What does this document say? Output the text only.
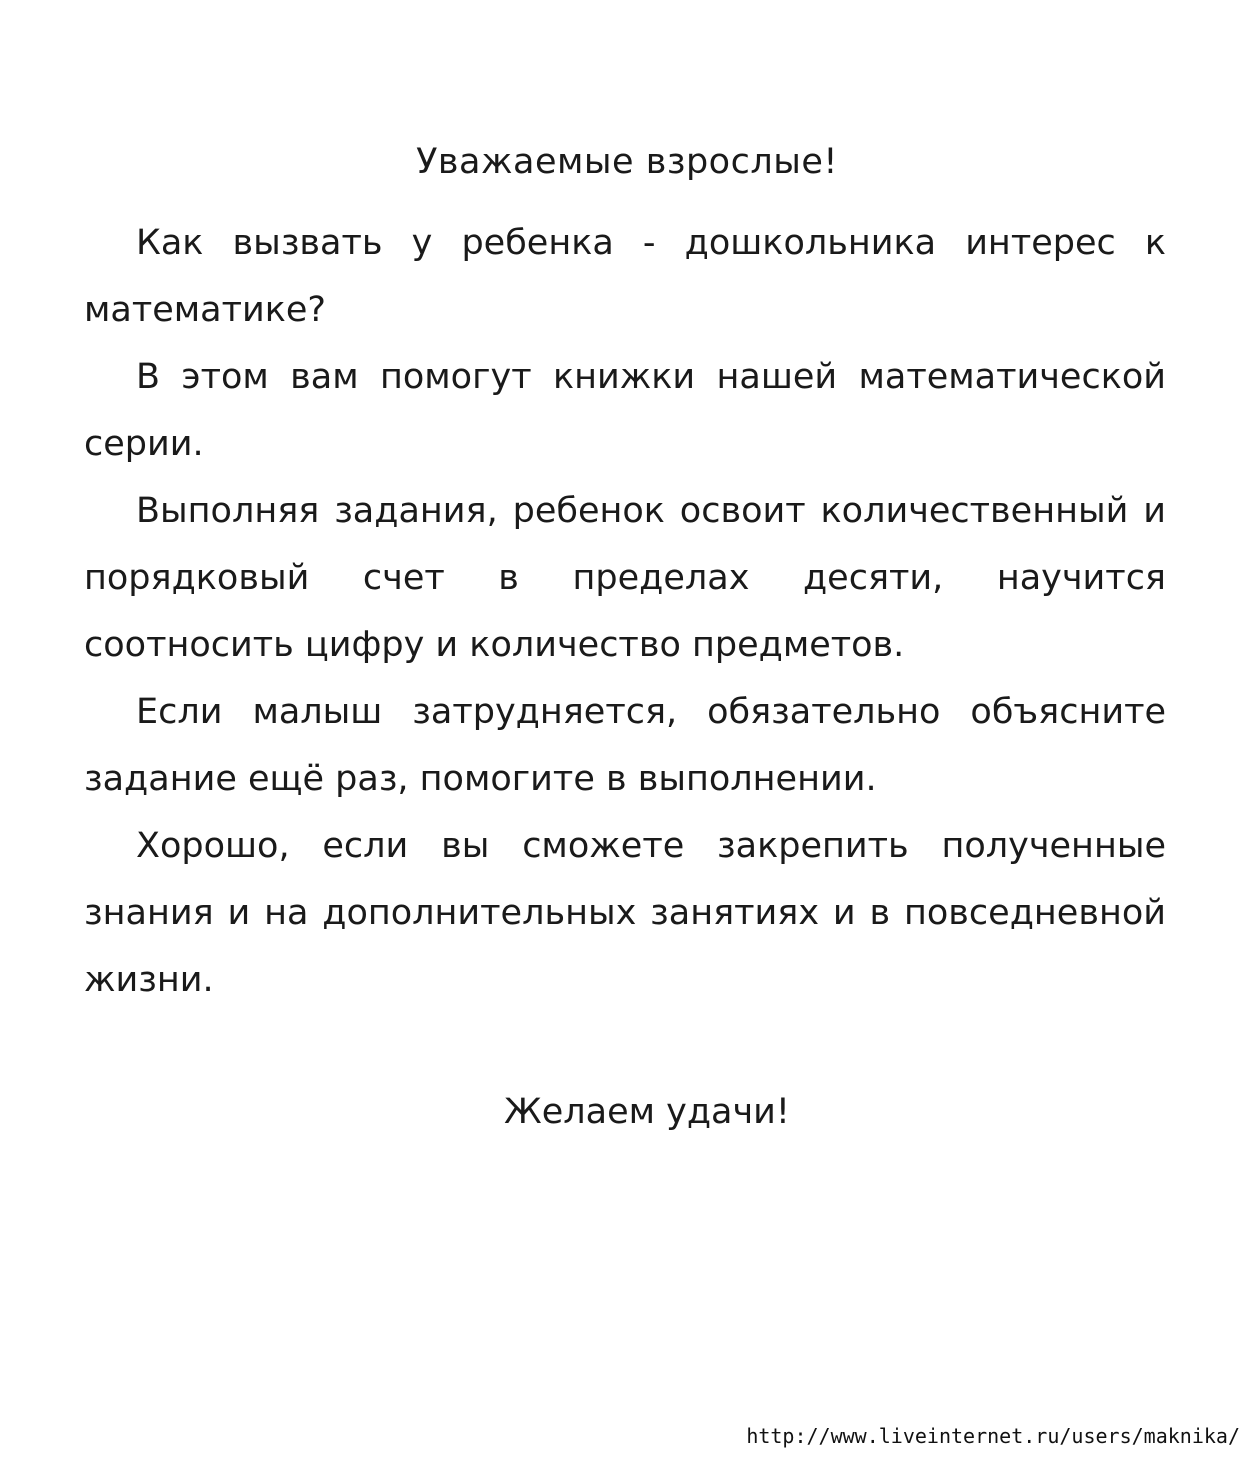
Уважаемые взрослые!

Как вызвать у ребенка - дошкольника интерес к математике?

В этом вам помогут книжки нашей математической серии.

Выполняя задания, ребенок освоит количественный и порядковый счет в пределах десяти, научится соотносить цифру и количество предметов.

Если малыш затрудняется, обязательно объясните задание ещё раз, помогите в выполнении.

Хорошо, если вы сможете закрепить полученные знания и на дополнительных занятиях и в повседневной жизни.

Желаем удачи!
http://www.liveinternet.ru/users/maknika/
